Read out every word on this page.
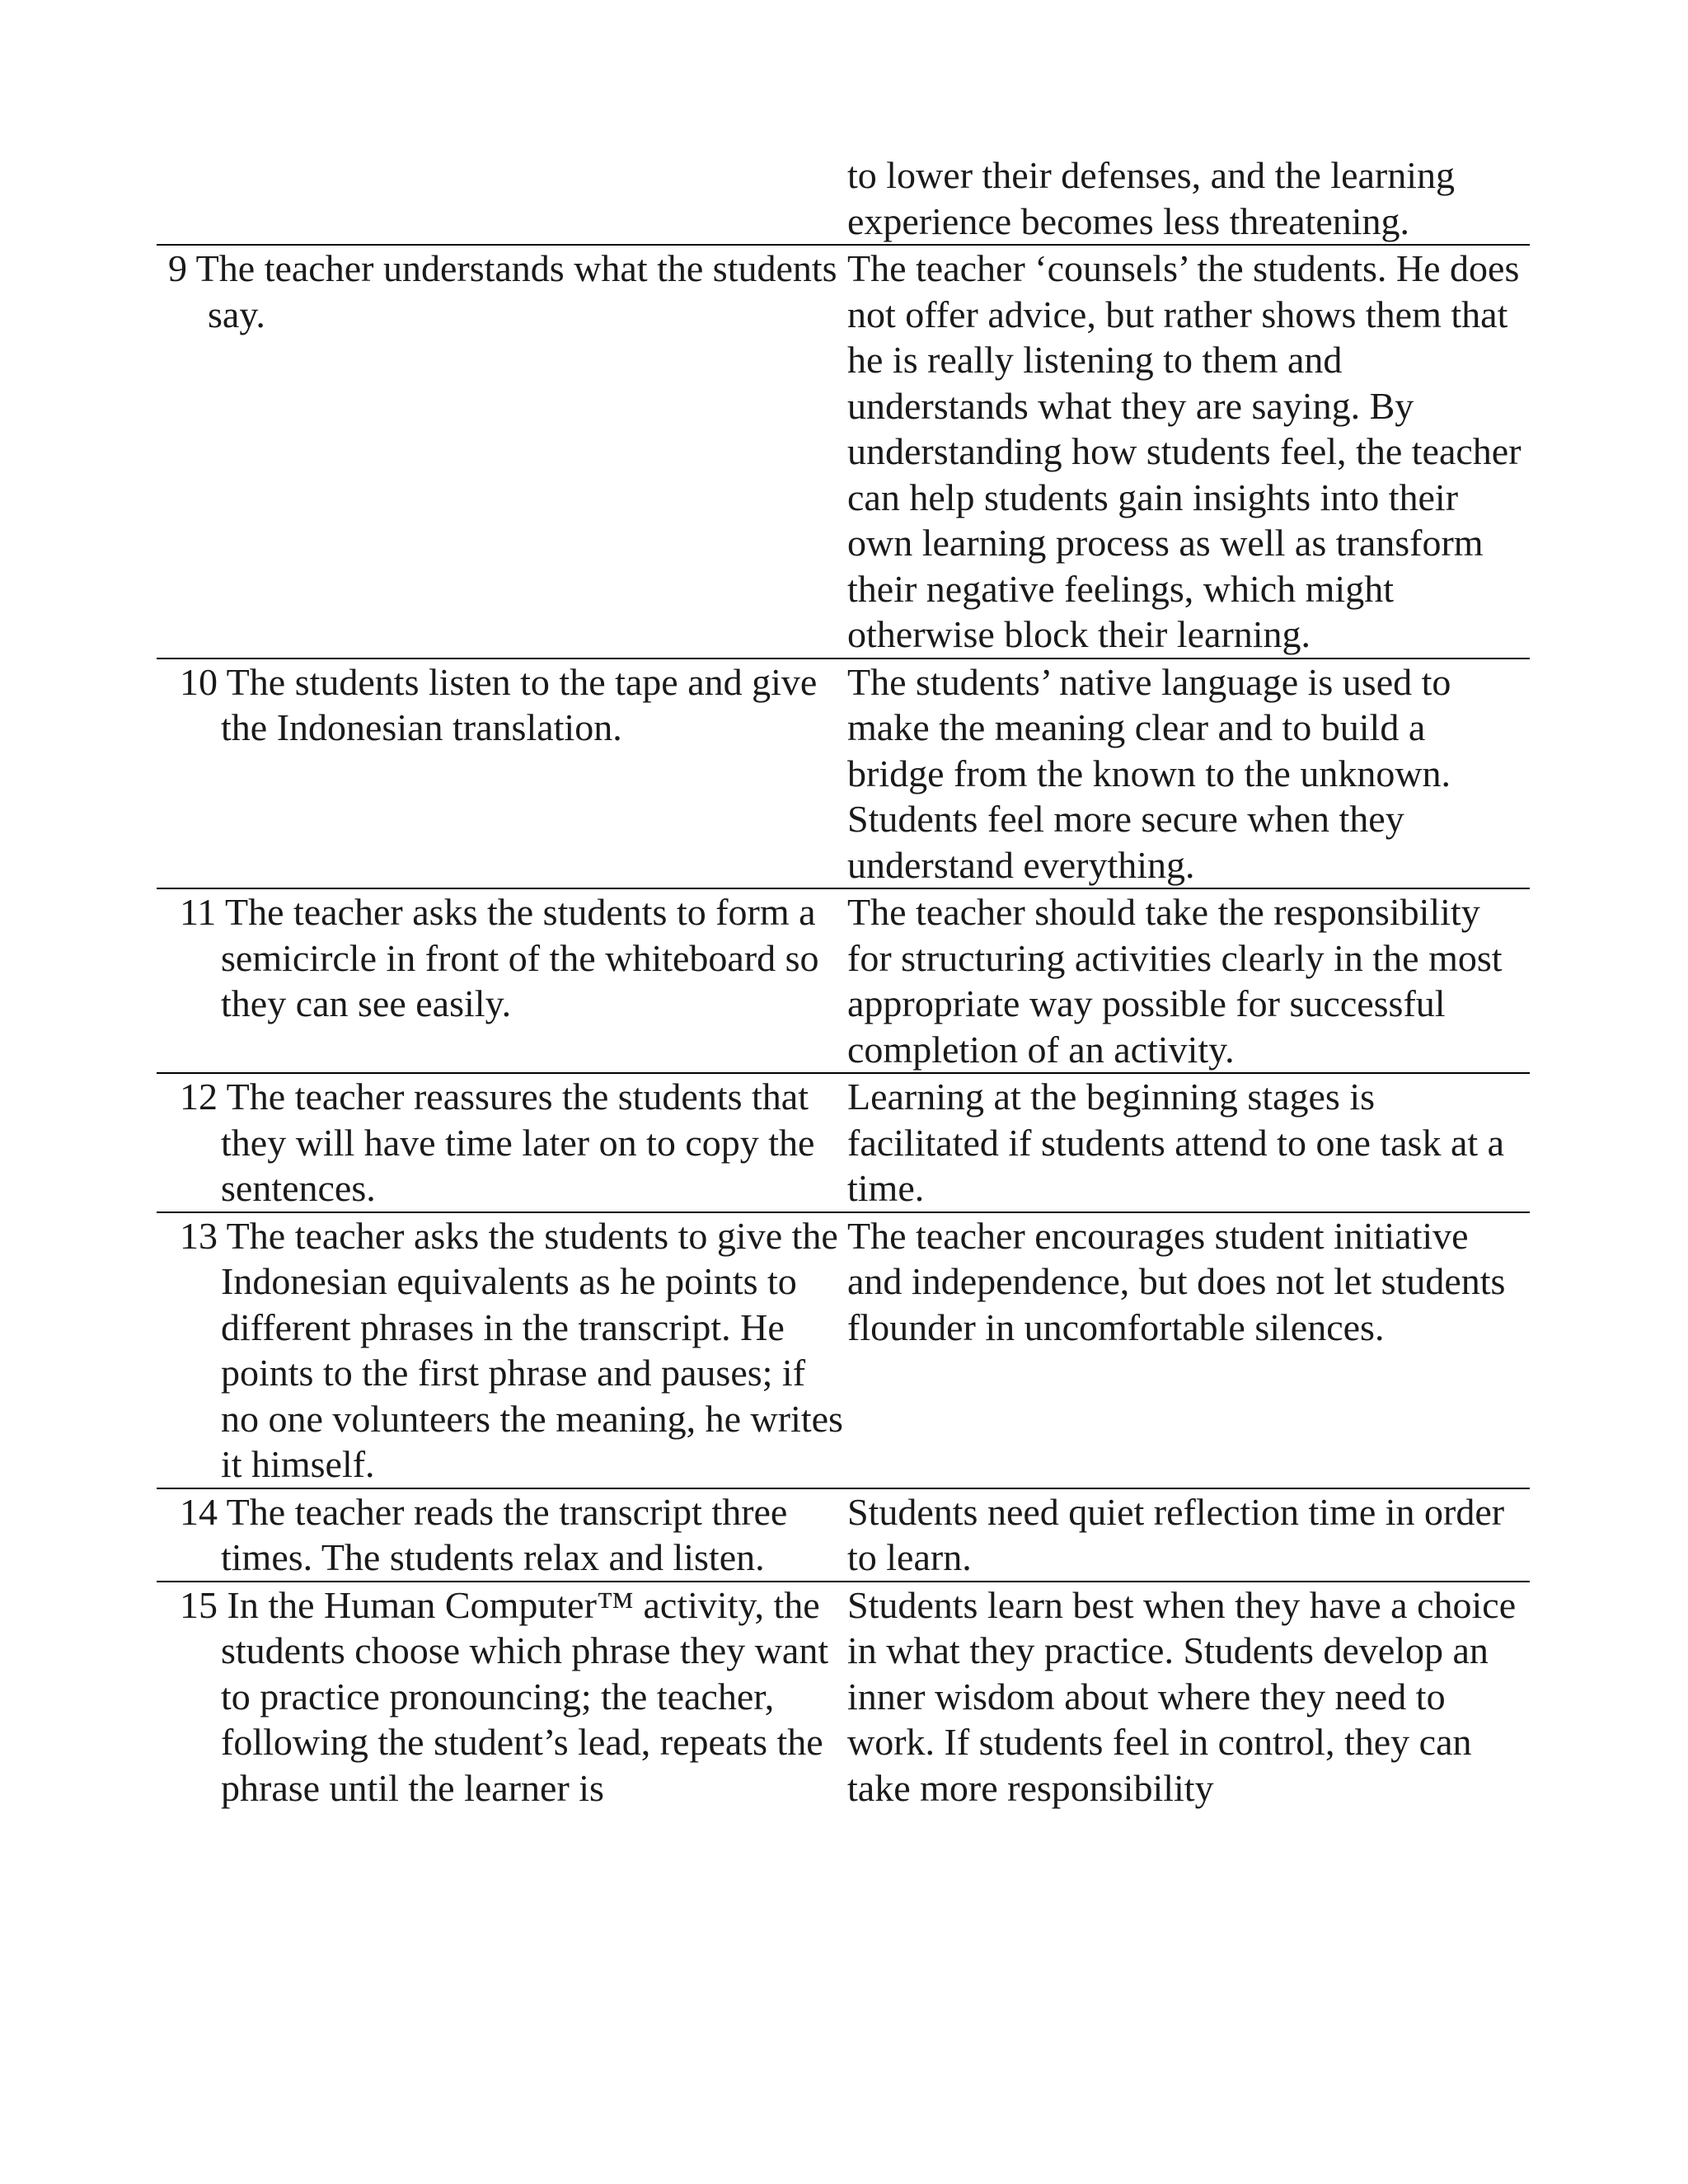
	to lower their defenses, and the learning experience becomes less threatening.

9 The teacher understands what the students say.	The teacher ‘counsels’ the students. He does not offer advice, but rather shows them that he is really listening to them and understands what they are saying. By understanding how students feel, the teacher can help students gain insights into their own learning process as well as transform their negative feelings, which might otherwise block their learning.

10 The students listen to the tape and give the Indonesian translation.	The students’ native language is used to make the meaning clear and to build a bridge from the known to the unknown. Students feel more secure when they understand everything.

11 The teacher asks the students to form a semicircle in front of the whiteboard so they can see easily.	The teacher should take the responsibility for structuring activities clearly in the most appropriate way possible for successful completion of an activity.

12 The teacher reassures the students that they will have time later on to copy the sentences.	Learning at the beginning stages is facilitated if students attend to one task at a time.

13 The teacher asks the students to give the Indonesian equivalents as he points to different phrases in the transcript. He points to the first phrase and pauses; if no one volunteers the meaning, he writes it himself.	The teacher encourages student initiative and independence, but does not let students flounder in uncomfortable silences.

14 The teacher reads the transcript three times. The students relax and listen.	Students need quiet reflection time in order to learn.

15 In the Human Computer™ activity, the students choose which phrase they want to practice pronouncing; the teacher, following the student’s lead, repeats the phrase until the learner is	Students learn best when they have a choice in what they practice. Students develop an inner wisdom about where they need to work. If students feel in control, they can take more responsibility
